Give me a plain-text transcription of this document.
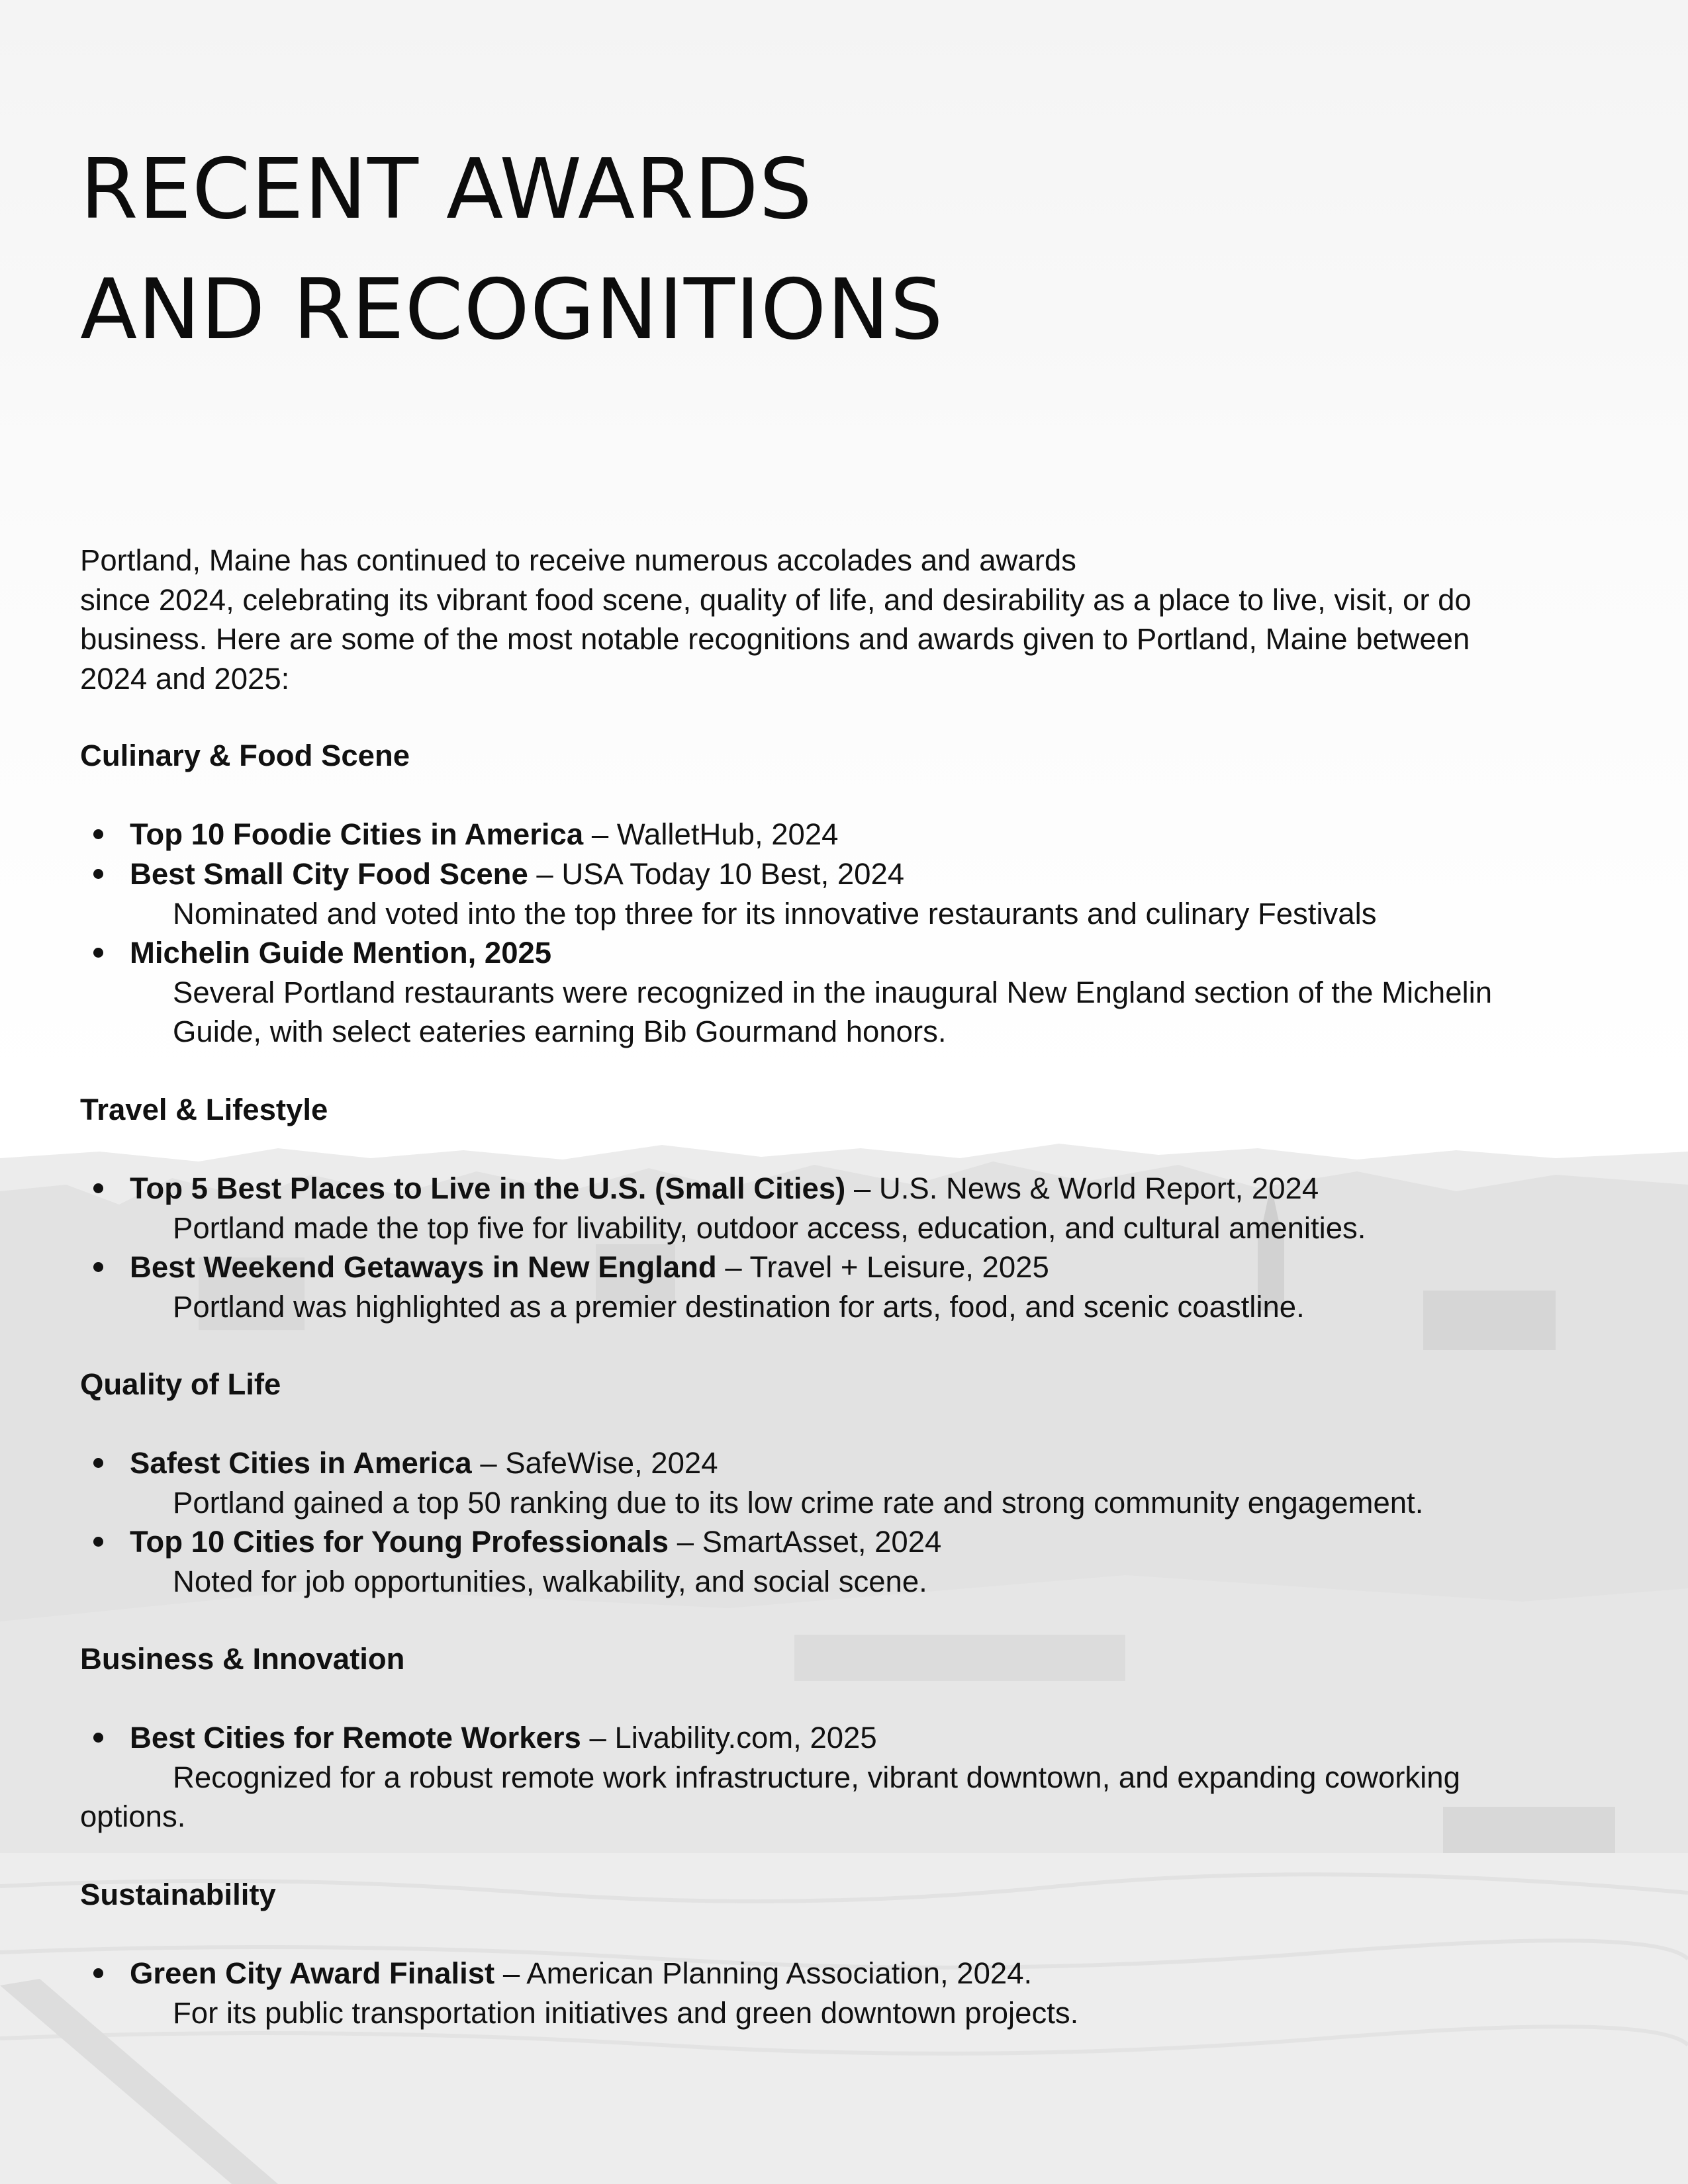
RECENT AWARDS
AND RECOGNITIONS

Portland, Maine has continued to receive numerous accolades and awards
since 2024, celebrating its vibrant food scene, quality of life, and desirability as a place to live, visit, or do
business. Here are some of the most notable recognitions and awards given to Portland, Maine between
2024 and 2025:

Culinary & Food Scene
Top 10 Foodie Cities in America – WalletHub, 2024
Best Small City Food Scene – USA Today 10 Best, 2024
Nominated and voted into the top three for its innovative restaurants and culinary Festivals
Michelin Guide Mention, 2025
Several Portland restaurants were recognized in the inaugural New England section of the Michelin
Guide, with select eateries earning Bib Gourmand honors.
Travel & Lifestyle
Top 5 Best Places to Live in the U.S. (Small Cities) – U.S. News & World Report, 2024
Portland made the top five for livability, outdoor access, education, and cultural amenities.
Best Weekend Getaways in New England – Travel + Leisure, 2025
Portland was highlighted as a premier destination for arts, food, and scenic coastline.
Quality of Life
Safest Cities in America – SafeWise, 2024
Portland gained a top 50 ranking due to its low crime rate and strong community engagement.
Top 10 Cities for Young Professionals – SmartAsset, 2024
Noted for job opportunities, walkability, and social scene.
Business & Innovation
Best Cities for Remote Workers – Livability.com, 2025
Recognized for a robust remote work infrastructure, vibrant downtown, and expanding coworking
options.
Sustainability
Green City Award Finalist – American Planning Association, 2024.
For its public transportation initiatives and green downtown projects.
